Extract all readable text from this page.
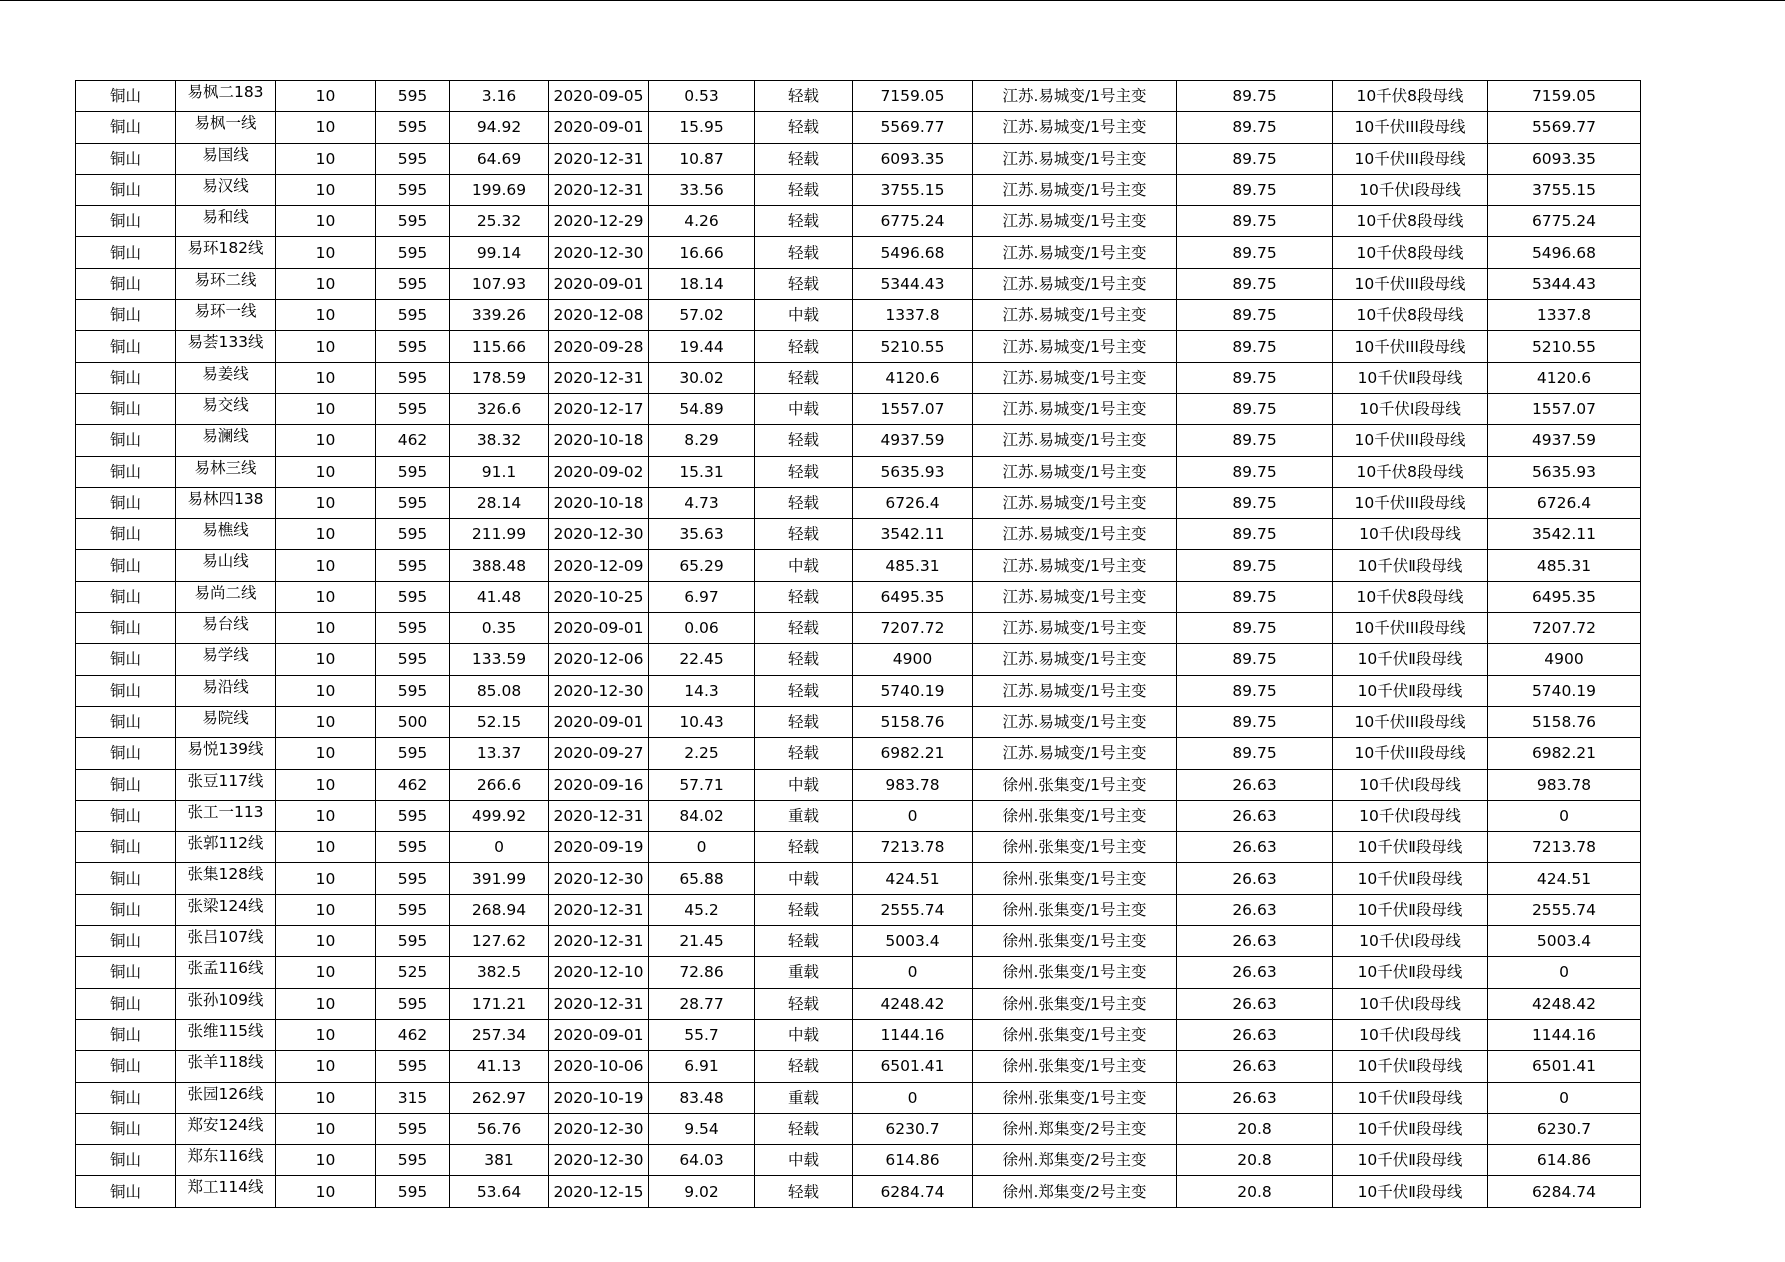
铜山	易枫二183	10	595	3.16	2020-09-05	0.53	轻载	7159.05	江苏.易城变/1号主变	89.75	10千伏8段母线	7159.05
铜山	易枫一线	10	595	94.92	2020-09-01	15.95	轻载	5569.77	江苏.易城变/1号主变	89.75	10千伏III段母线	5569.77
铜山	易国线	10	595	64.69	2020-12-31	10.87	轻载	6093.35	江苏.易城变/1号主变	89.75	10千伏III段母线	6093.35
铜山	易汉线	10	595	199.69	2020-12-31	33.56	轻载	3755.15	江苏.易城变/1号主变	89.75	10千伏Ⅰ段母线	3755.15
铜山	易和线	10	595	25.32	2020-12-29	4.26	轻载	6775.24	江苏.易城变/1号主变	89.75	10千伏8段母线	6775.24
铜山	易环182线	10	595	99.14	2020-12-30	16.66	轻载	5496.68	江苏.易城变/1号主变	89.75	10千伏8段母线	5496.68
铜山	易环二线	10	595	107.93	2020-09-01	18.14	轻载	5344.43	江苏.易城变/1号主变	89.75	10千伏III段母线	5344.43
铜山	易环一线	10	595	339.26	2020-12-08	57.02	中载	1337.8	江苏.易城变/1号主变	89.75	10千伏8段母线	1337.8
铜山	易荟133线	10	595	115.66	2020-09-28	19.44	轻载	5210.55	江苏.易城变/1号主变	89.75	10千伏III段母线	5210.55
铜山	易姜线	10	595	178.59	2020-12-31	30.02	轻载	4120.6	江苏.易城变/1号主变	89.75	10千伏Ⅱ段母线	4120.6
铜山	易交线	10	595	326.6	2020-12-17	54.89	中载	1557.07	江苏.易城变/1号主变	89.75	10千伏Ⅰ段母线	1557.07
铜山	易澜线	10	462	38.32	2020-10-18	8.29	轻载	4937.59	江苏.易城变/1号主变	89.75	10千伏III段母线	4937.59
铜山	易林三线	10	595	91.1	2020-09-02	15.31	轻载	5635.93	江苏.易城变/1号主变	89.75	10千伏8段母线	5635.93
铜山	易林四138	10	595	28.14	2020-10-18	4.73	轻载	6726.4	江苏.易城变/1号主变	89.75	10千伏III段母线	6726.4
铜山	易樵线	10	595	211.99	2020-12-30	35.63	轻载	3542.11	江苏.易城变/1号主变	89.75	10千伏Ⅰ段母线	3542.11
铜山	易山线	10	595	388.48	2020-12-09	65.29	中载	485.31	江苏.易城变/1号主变	89.75	10千伏Ⅱ段母线	485.31
铜山	易尚二线	10	595	41.48	2020-10-25	6.97	轻载	6495.35	江苏.易城变/1号主变	89.75	10千伏8段母线	6495.35
铜山	易台线	10	595	0.35	2020-09-01	0.06	轻载	7207.72	江苏.易城变/1号主变	89.75	10千伏III段母线	7207.72
铜山	易学线	10	595	133.59	2020-12-06	22.45	轻载	4900	江苏.易城变/1号主变	89.75	10千伏Ⅱ段母线	4900
铜山	易沿线	10	595	85.08	2020-12-30	14.3	轻载	5740.19	江苏.易城变/1号主变	89.75	10千伏Ⅱ段母线	5740.19
铜山	易院线	10	500	52.15	2020-09-01	10.43	轻载	5158.76	江苏.易城变/1号主变	89.75	10千伏III段母线	5158.76
铜山	易悦139线	10	595	13.37	2020-09-27	2.25	轻载	6982.21	江苏.易城变/1号主变	89.75	10千伏III段母线	6982.21
铜山	张豆117线	10	462	266.6	2020-09-16	57.71	中载	983.78	徐州.张集变/1号主变	26.63	10千伏Ⅰ段母线	983.78
铜山	张工一113	10	595	499.92	2020-12-31	84.02	重载	0	徐州.张集变/1号主变	26.63	10千伏Ⅰ段母线	0
铜山	张郭112线	10	595	0	2020-09-19	0	轻载	7213.78	徐州.张集变/1号主变	26.63	10千伏Ⅱ段母线	7213.78
铜山	张集128线	10	595	391.99	2020-12-30	65.88	中载	424.51	徐州.张集变/1号主变	26.63	10千伏Ⅱ段母线	424.51
铜山	张梁124线	10	595	268.94	2020-12-31	45.2	轻载	2555.74	徐州.张集变/1号主变	26.63	10千伏Ⅱ段母线	2555.74
铜山	张吕107线	10	595	127.62	2020-12-31	21.45	轻载	5003.4	徐州.张集变/1号主变	26.63	10千伏Ⅰ段母线	5003.4
铜山	张孟116线	10	525	382.5	2020-12-10	72.86	重载	0	徐州.张集变/1号主变	26.63	10千伏Ⅱ段母线	0
铜山	张孙109线	10	595	171.21	2020-12-31	28.77	轻载	4248.42	徐州.张集变/1号主变	26.63	10千伏Ⅰ段母线	4248.42
铜山	张维115线	10	462	257.34	2020-09-01	55.7	中载	1144.16	徐州.张集变/1号主变	26.63	10千伏Ⅰ段母线	1144.16
铜山	张羊118线	10	595	41.13	2020-10-06	6.91	轻载	6501.41	徐州.张集变/1号主变	26.63	10千伏Ⅱ段母线	6501.41
铜山	张园126线	10	315	262.97	2020-10-19	83.48	重载	0	徐州.张集变/1号主变	26.63	10千伏Ⅱ段母线	0
铜山	郑安124线	10	595	56.76	2020-12-30	9.54	轻载	6230.7	徐州.郑集变/2号主变	20.8	10千伏Ⅱ段母线	6230.7
铜山	郑东116线	10	595	381	2020-12-30	64.03	中载	614.86	徐州.郑集变/2号主变	20.8	10千伏Ⅱ段母线	614.86
铜山	郑工114线	10	595	53.64	2020-12-15	9.02	轻载	6284.74	徐州.郑集变/2号主变	20.8	10千伏Ⅱ段母线	6284.74
